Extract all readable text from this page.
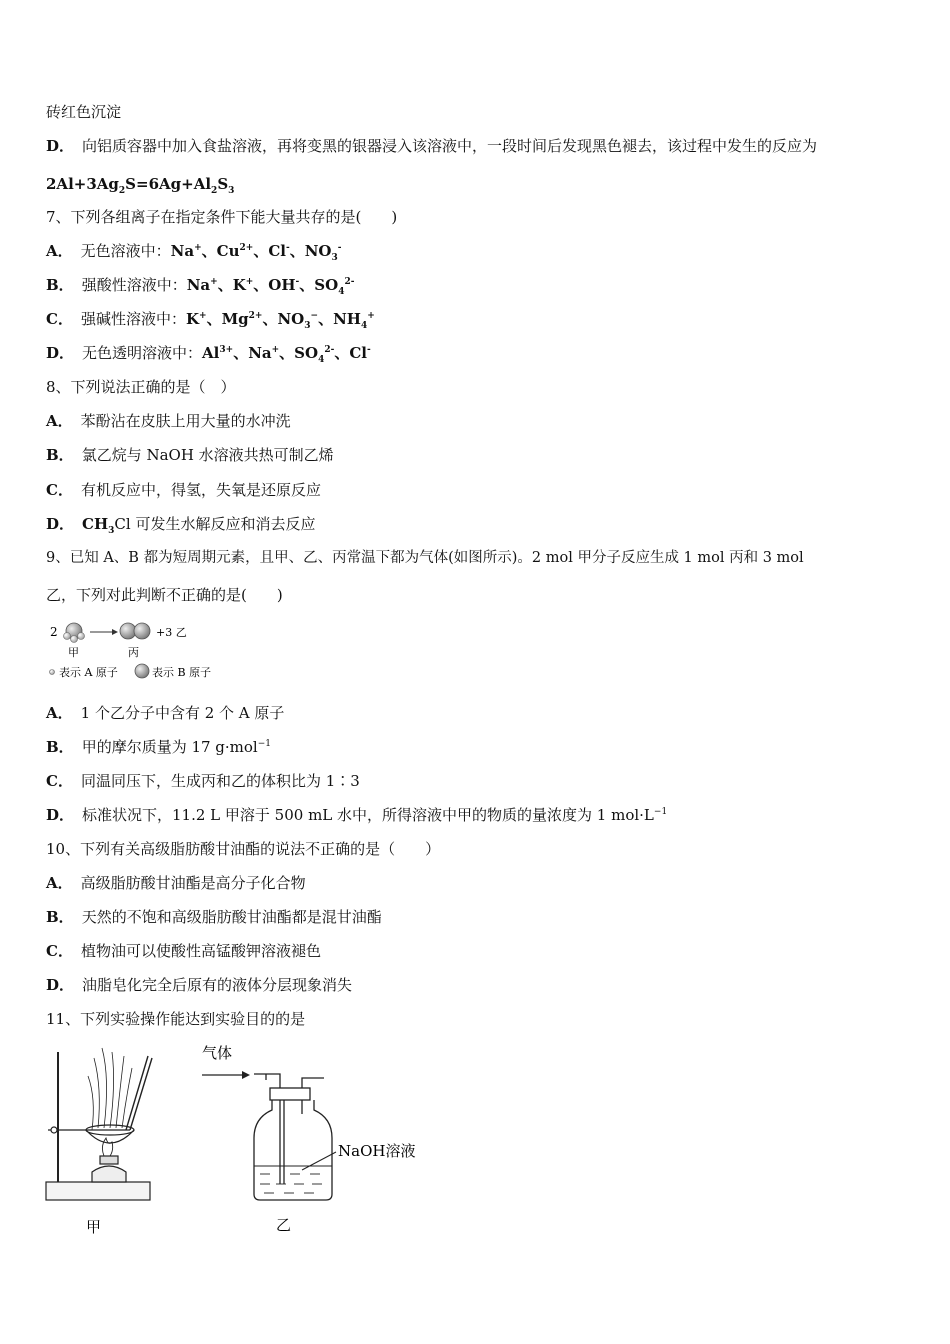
砖红色沉淀
D． 向铝质容器中加入食盐溶液，再将变黑的银器浸入该溶液中，一段时间后发现黑色褪去，该过程中发生的反应为
$2Al+3Ag_2S=6Ag+Al_2S_3$
7、下列各组离子在指定条件下能大量共存的是(　　)
A． 无色溶液中：Na+、$Cu^{2+}$、Cl-、$NO_3^-$
B． 强酸性溶液中：Na+、K+、OH-、$SO_4^{2-}$
C． 强碱性溶液中：K+、$Mg^{2+}$、$NO_3^-$、$NH_4^+$
D． 无色透明溶液中：$Al^{3+}$、Na+、$SO_4^{2-}$、Cl-
8、下列说法正确的是（　）
A． 苯酚沾在皮肤上用大量的水冲洗
B． 氯乙烷与 NaOH 水溶液共热可制乙烯
C． 有机反应中，得氢，失氧是还原反应
D． $CH_3Cl$ 可发生水解反应和消去反应
9、已知 A、B 都为短周期元素，且甲、乙、丙常温下都为气体(如图所示)。2 mol 甲分子反应生成 1 mol 丙和 3 mol
乙，下列对此判断不正确的是(　　)
2	+3 乙
甲	丙
表示 A 原子	表示 B 原子
A． 1 个乙分子中含有 2 个 A 原子
B． 甲的摩尔质量为 17 g·mol$^{-1}$
C． 同温同压下，生成丙和乙的体积比为 1∶3
D． 标准状况下，11.2 L 甲溶于 500 mL 水中，所得溶液中甲的物质的量浓度为 1 $mol\cdot L^{-1}$
10、下列有关高级脂肪酸甘油酯的说法不正确的是（　　）
A． 高级脂肪酸甘油酯是高分子化合物
B． 天然的不饱和高级脂肪酸甘油酯都是混甘油酯
C． 植物油可以使酸性高锰酸钾溶液褪色
D． 油脂皂化完全后原有的液体分层现象消失
11、下列实验操作能达到实验目的的是
甲
气体
NaOH溶液
乙
